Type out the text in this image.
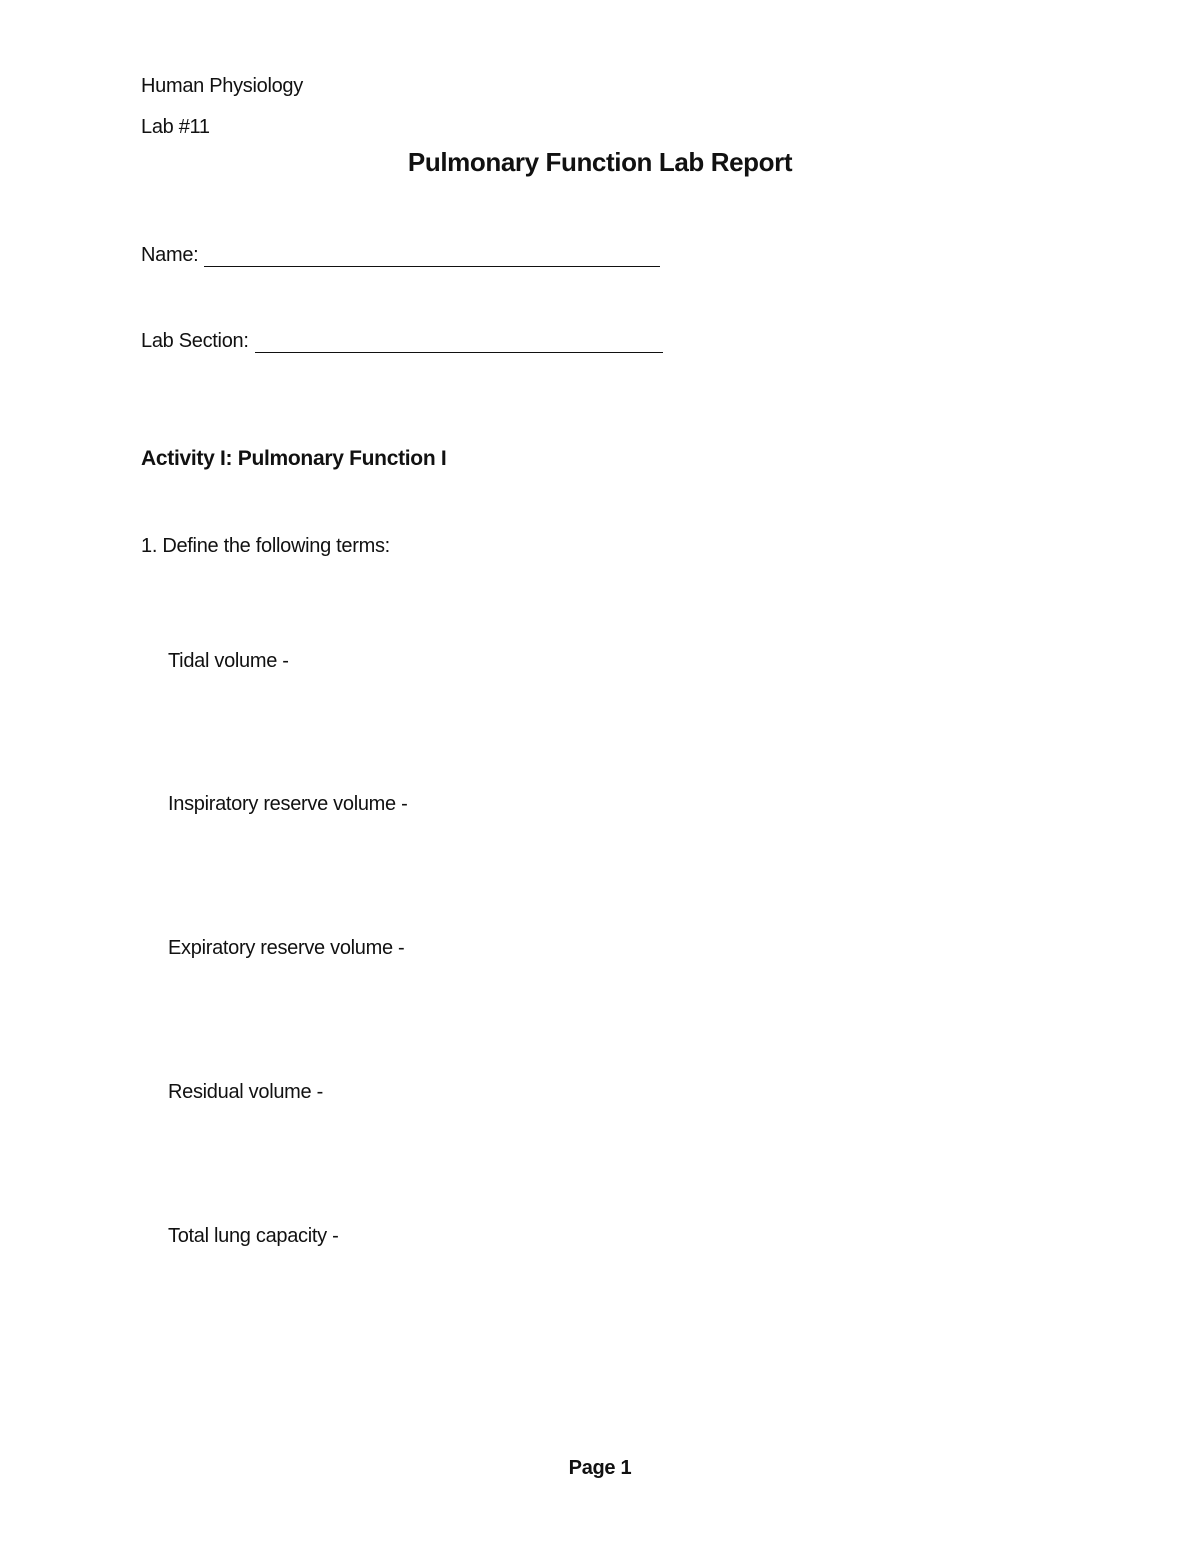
Human Physiology
Lab #11
Pulmonary Function Lab Report
Name:
Lab Section:
Activity I: Pulmonary Function I
1. Define the following terms:
Tidal volume -
Inspiratory reserve volume -
Expiratory reserve volume -
Residual volume -
Total lung capacity -
Page 1
